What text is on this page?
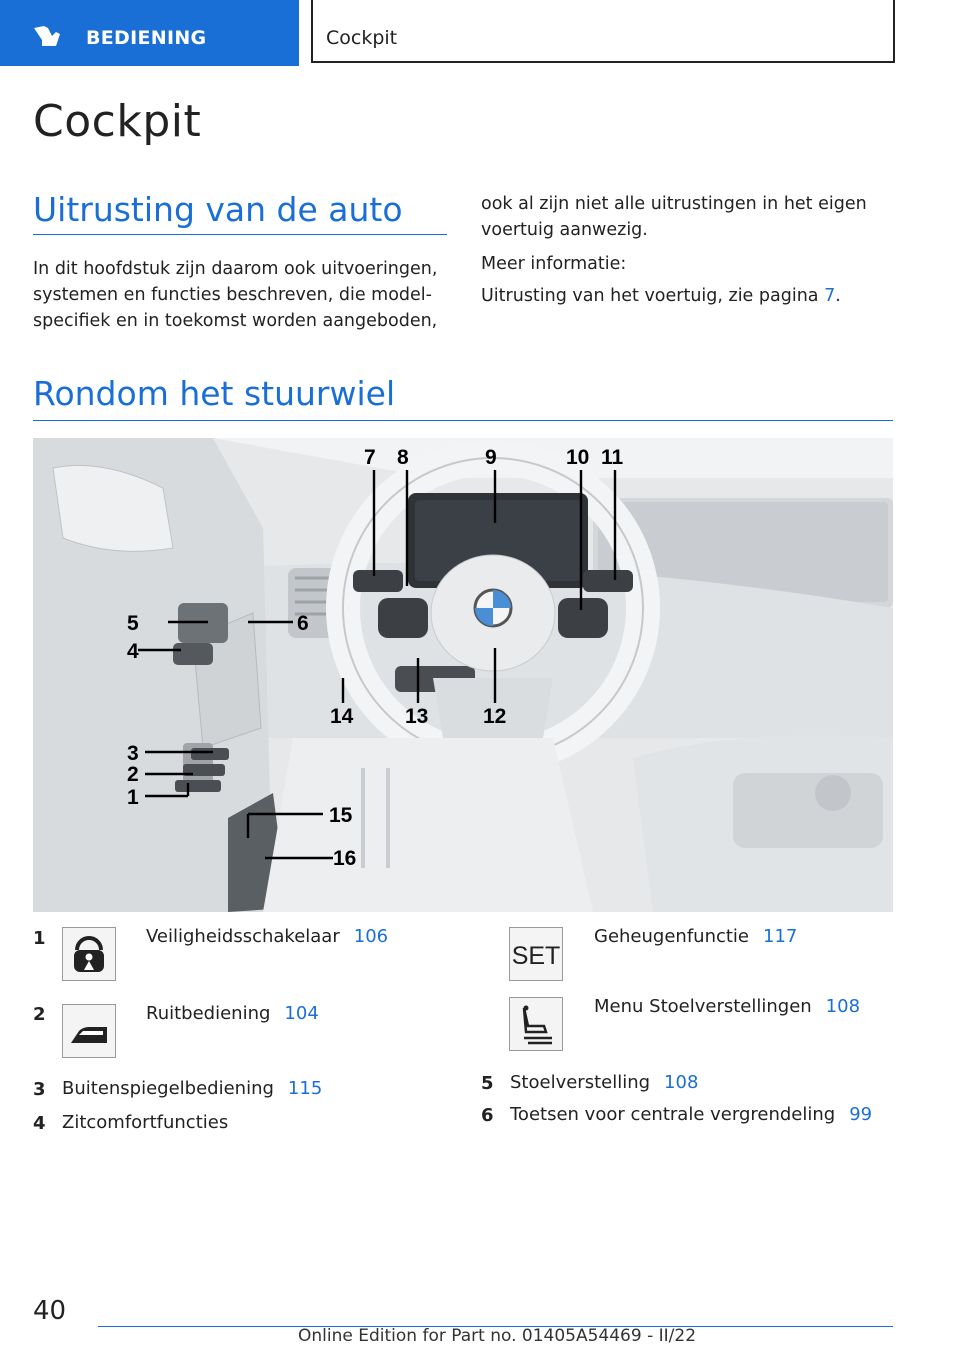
BEDIENING	Cockpit
Cockpit
Uitrusting van de auto
In dit hoofdstuk zijn daarom ook uitvoeringen,
systemen en functies beschreven, die model-
specifiek en in toekomst worden aangeboden,
ook al zijn niet alle uitrustingen in het eigen
voertuig aanwezig.
Meer informatie:
Uitrusting van het voertuig, zie pagina 7.
Rondom het stuurwiel
7 8	9	10 11
5
4
6
14 13	12
3
2
1
15
16
1	Veiligheidsschakelaar 106
2	Ruitbediening 104
3 Buitenspiegelbediening 115
4 Zitcomfortfuncties
SET
Geheugenfunctie 117
Menu Stoelverstellingen 108
5 Stoelverstelling 108
6 Toetsen voor centrale vergrendeling 99
40
Online Edition for Part no. 01405A54469 - II/22
